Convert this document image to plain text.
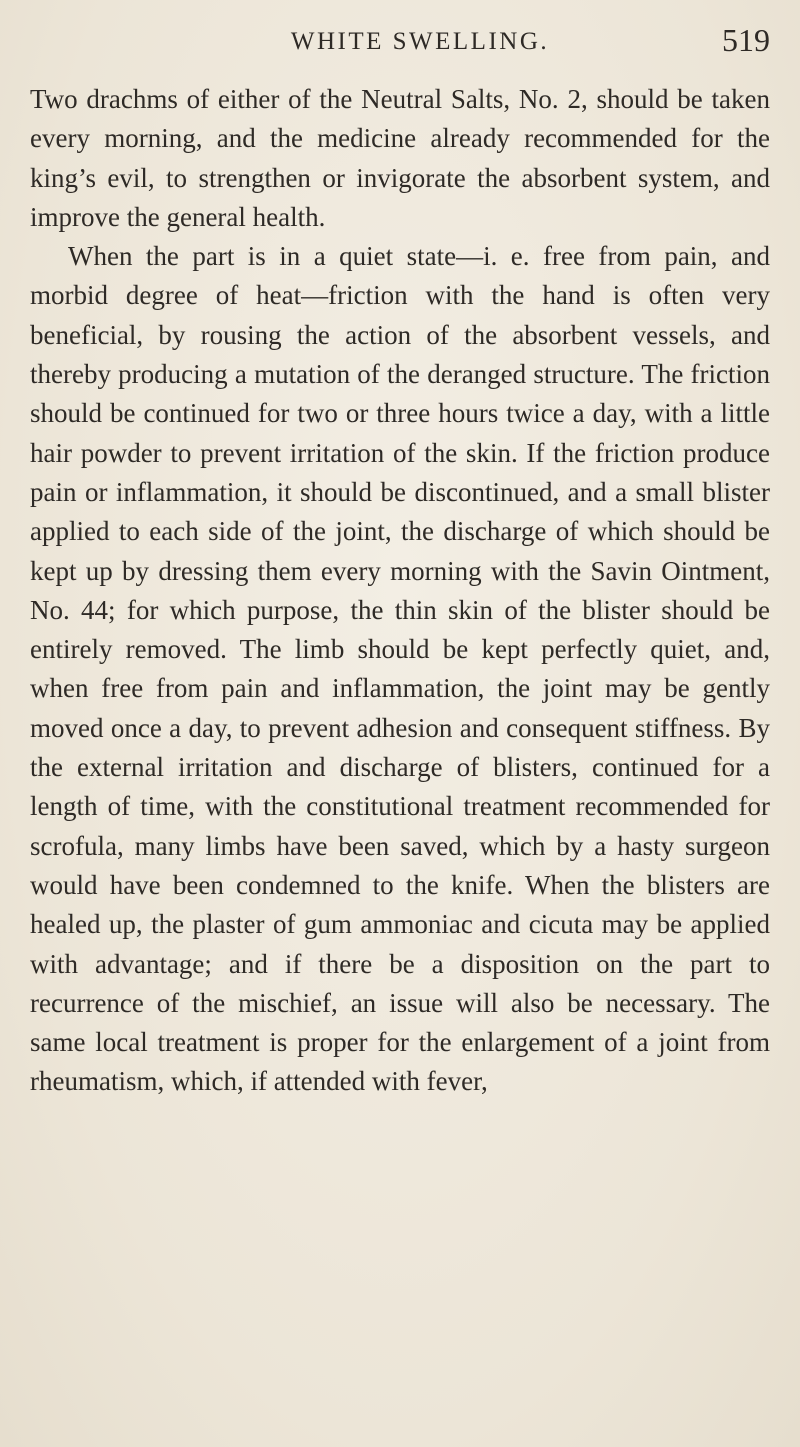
WHITE SWELLING.	519

Two drachms of either of the Neutral Salts, No. 2, should be taken every morning, and the medicine already recommended for the king’s evil, to strengthen or invigorate the absorbent system, and improve the general health.

When the part is in a quiet state—i. e. free from pain, and morbid degree of heat—friction with the hand is often very beneficial, by rousing the action of the absorbent vessels, and thereby producing a mutation of the deranged structure. The friction should be continued for two or three hours twice a day, with a little hair powder to prevent irritation of the skin. If the friction produce pain or inflammation, it should be discontinued, and a small blister applied to each side of the joint, the discharge of which should be kept up by dressing them every morning with the Savin Ointment, No. 44; for which purpose, the thin skin of the blister should be entirely removed. The limb should be kept perfectly quiet, and, when free from pain and inflammation, the joint may be gently moved once a day, to prevent adhesion and consequent stiffness. By the external irritation and discharge of blisters, continued for a length of time, with the constitutional treatment recommended for scrofula, many limbs have been saved, which by a hasty surgeon would have been condemned to the knife. When the blisters are healed up, the plaster of gum ammoniac and cicuta may be applied with advantage; and if there be a disposition on the part to recurrence of the mischief, an issue will also be necessary. The same local treatment is proper for the enlargement of a joint from rheumatism, which, if attended with fever,
